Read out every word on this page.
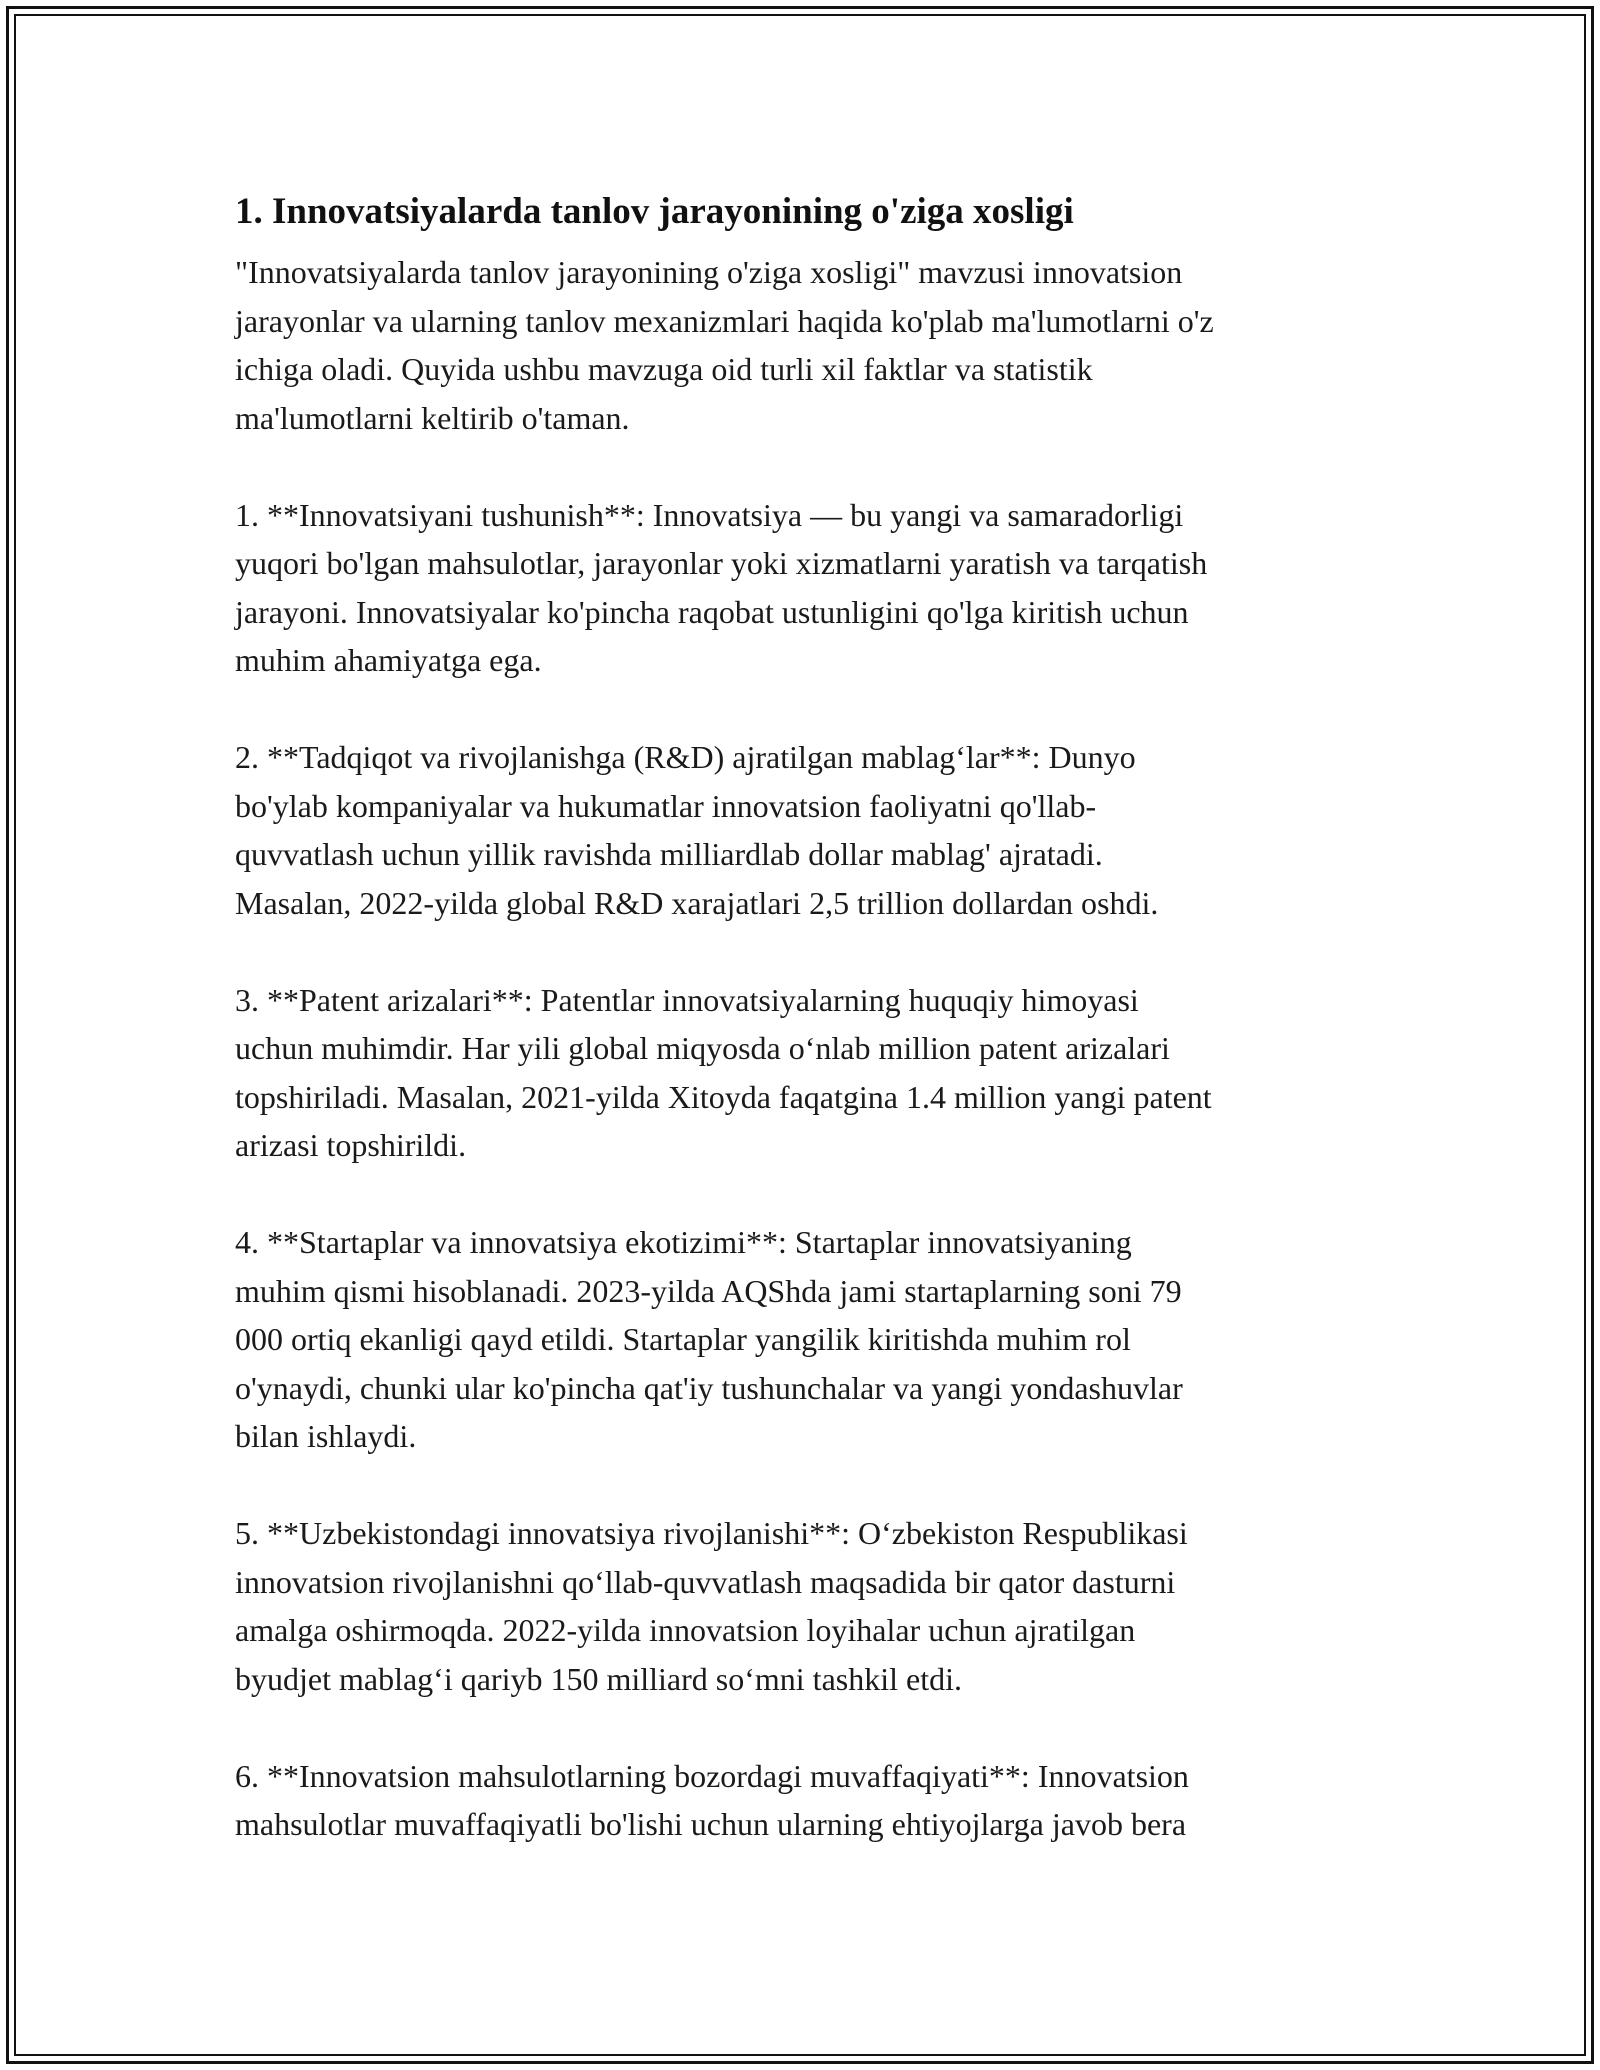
1. Innovatsiyalarda tanlov jarayonining o'ziga xosligi

"Innovatsiyalarda tanlov jarayonining o'ziga xosligi" mavzusi innovatsion
jarayonlar va ularning tanlov mexanizmlari haqida ko'plab ma'lumotlarni o'z
ichiga oladi. Quyida ushbu mavzuga oid turli xil faktlar va statistik
ma'lumotlarni keltirib o'taman.

1. **Innovatsiyani tushunish**: Innovatsiya — bu yangi va samaradorligi
yuqori bo'lgan mahsulotlar, jarayonlar yoki xizmatlarni yaratish va tarqatish
jarayoni. Innovatsiyalar ko'pincha raqobat ustunligini qo'lga kiritish uchun
muhim ahamiyatga ega.

2. **Tadqiqot va rivojlanishga (R&D) ajratilgan mablag‘lar**: Dunyo
bo'ylab kompaniyalar va hukumatlar innovatsion faoliyatni qo'llab-
quvvatlash uchun yillik ravishda milliardlab dollar mablag' ajratadi.
Masalan, 2022-yilda global R&D xarajatlari 2,5 trillion dollardan oshdi.

3. **Patent arizalari**: Patentlar innovatsiyalarning huquqiy himoyasi
uchun muhimdir. Har yili global miqyosda o‘nlab million patent arizalari
topshiriladi. Masalan, 2021-yilda Xitoyda faqatgina 1.4 million yangi patent
arizasi topshirildi.

4. **Startaplar va innovatsiya ekotizimi**: Startaplar innovatsiyaning
muhim qismi hisoblanadi. 2023-yilda AQShda jami startaplarning soni 79
000 ortiq ekanligi qayd etildi. Startaplar yangilik kiritishda muhim rol
o'ynaydi, chunki ular ko'pincha qat'iy tushunchalar va yangi yondashuvlar
bilan ishlaydi.

5. **Uzbekistondagi innovatsiya rivojlanishi**: O‘zbekiston Respublikasi
innovatsion rivojlanishni qo‘llab-quvvatlash maqsadida bir qator dasturni
amalga oshirmoqda. 2022-yilda innovatsion loyihalar uchun ajratilgan
byudjet mablag‘i qariyb 150 milliard so‘mni tashkil etdi.

6. **Innovatsion mahsulotlarning bozordagi muvaffaqiyati**: Innovatsion
mahsulotlar muvaffaqiyatli bo'lishi uchun ularning ehtiyojlarga javob bera
